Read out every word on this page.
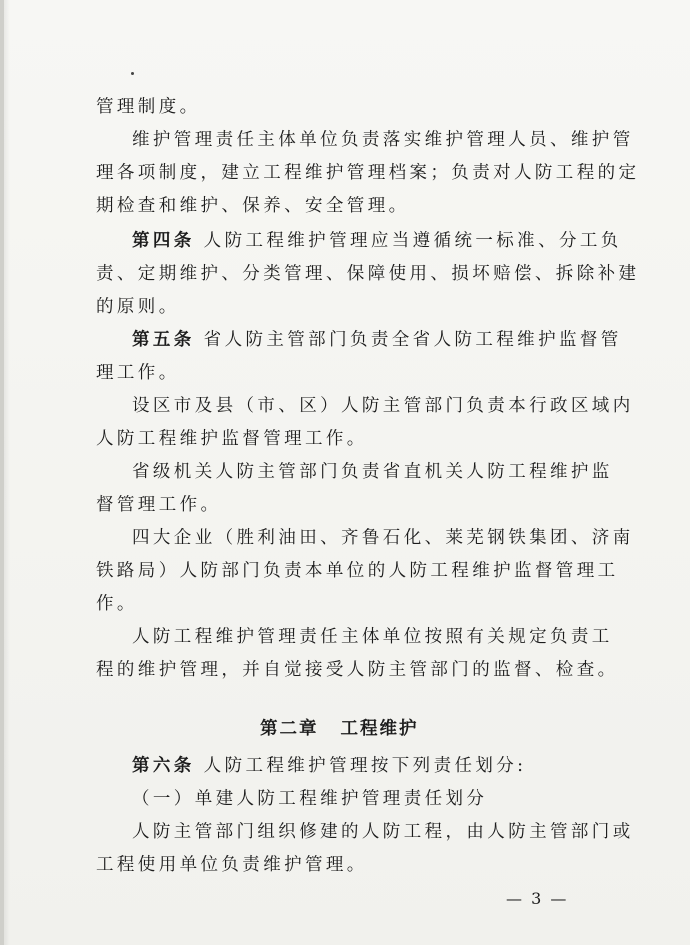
管理制度。
维护管理责任主体单位负责落实维护管理人员、维护管
理各项制度，建立工程维护管理档案；负责对人防工程的定
期检查和维护、保养、安全管理。
第四条 人防工程维护管理应当遵循统一标准、分工负
责、定期维护、分类管理、保障使用、损坏赔偿、拆除补建
的原则。
第五条 省人防主管部门负责全省人防工程维护监督管
理工作。
设区市及县（市、区）人防主管部门负责本行政区域内
人防工程维护监督管理工作。
省级机关人防主管部门负责省直机关人防工程维护监
督管理工作。
四大企业（胜利油田、齐鲁石化、莱芜钢铁集团、济南
铁路局）人防部门负责本单位的人防工程维护监督管理工
作。
人防工程维护管理责任主体单位按照有关规定负责工
程的维护管理，并自觉接受人防主管部门的监督、检查。
第二章 工程维护
第六条 人防工程维护管理按下列责任划分:
（一）单建人防工程维护管理责任划分
人防主管部门组织修建的人防工程，由人防主管部门或
工程使用单位负责维护管理。
— 3 —
